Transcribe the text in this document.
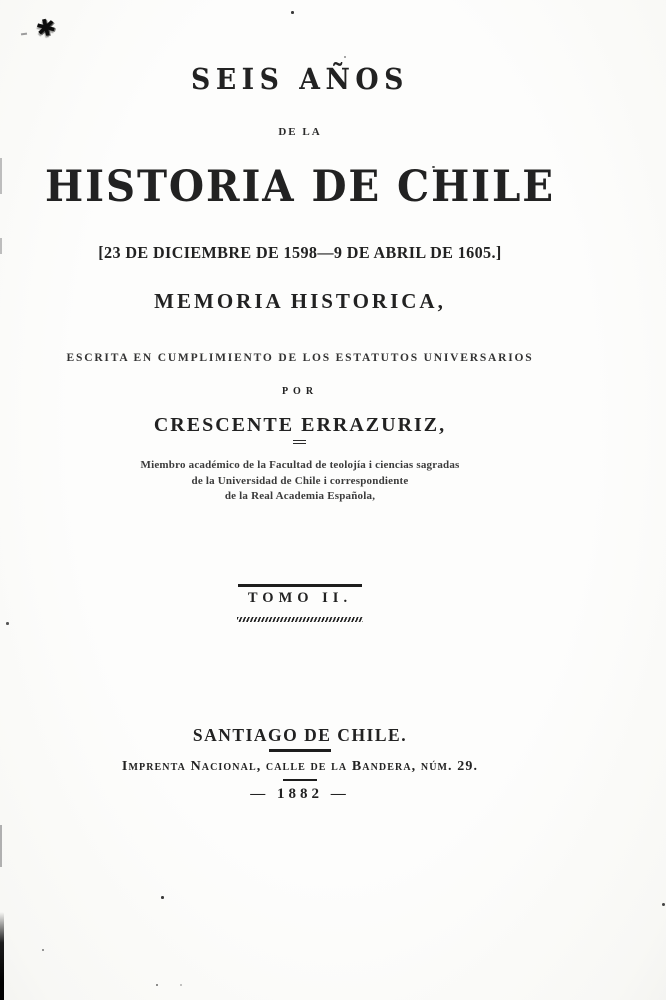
✱
SEIS AÑOS
DE LA
HISTORIA DE CHILE
[23 DE DICIEMBRE DE 1598—9 DE ABRIL DE 1605.]
MEMORIA HISTORICA,
ESCRITA EN CUMPLIMIENTO DE LOS ESTATUTOS UNIVERSARIOS
POR
CRESCENTE ERRAZURIZ,
Miembro académico de la Facultad de teolojía i ciencias sagradas
de la Universidad de Chile i correspondiente
de la Real Academia Española,
TOMO II.
SANTIAGO DE CHILE.
Imprenta Nacional, calle de la Bandera, núm. 29.
— 1882 —
